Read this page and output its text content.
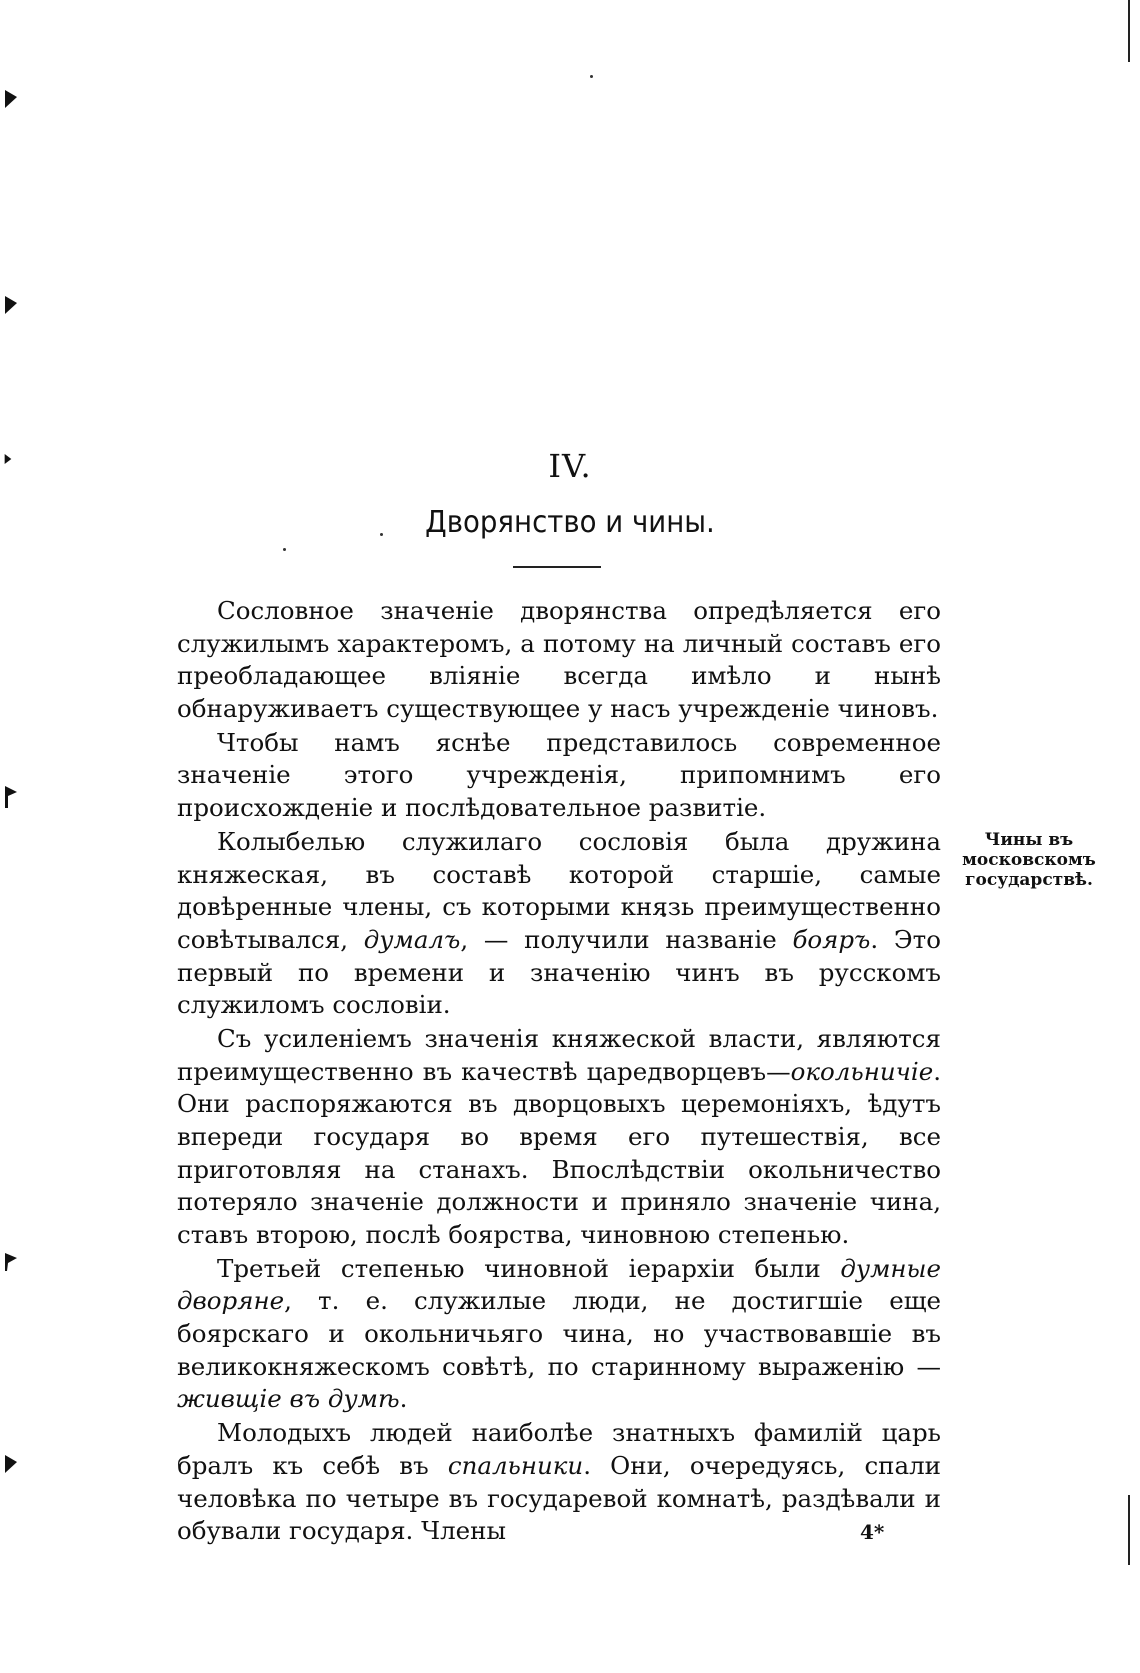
IV.
Дворянство и чины.

Сословное значеніе дворянства опредѣляется его служилымъ характеромъ, а потому на личный составъ его преобладающее вліяніе всегда имѣло и нынѣ обнаруживаетъ существующее у насъ учрежденіе чиновъ.

Чтобы намъ яснѣе представилось современное значеніе этого учрежденія, припомнимъ его происхожденіе и послѣдовательное развитіе.

Колыбелью служилаго сословія была дружина княжеская, въ составѣ которой старшіе, самые довѣренные члены, съ которыми князь преимущественно совѣтывался, думалъ, — получили названіе бояръ. Это первый по времени и значенію чинъ въ русскомъ служиломъ сословіи.

Съ усиленіемъ значенія княжеской власти, являются преимущественно въ качествѣ царедворцевъ—окольничіе. Они распоряжаются въ дворцовыхъ церемоніяхъ, ѣдутъ впереди государя во время его путешествія, все приготовляя на станахъ. Впослѣдствіи окольничество потеряло значеніе должности и приняло значеніе чина, ставъ второю, послѣ боярства, чиновною степенью.

Третьей степенью чиновной іерархіи были думные дворяне, т. е. служилые люди, не достигшіе еще боярскаго и окольничьяго чина, но участвовавшіе въ великокняжескомъ совѣтѣ, по старинному выраженію — живщіе въ думѣ.

Молодыхъ людей наиболѣе знатныхъ фамилій царь бралъ къ себѣ въ спальники. Они, очередуясь, спали человѣка по четыре въ государевой комнатѣ, раздѣвали и обували государя. Члены

Чины въ московскомъ государствѣ.
4*
